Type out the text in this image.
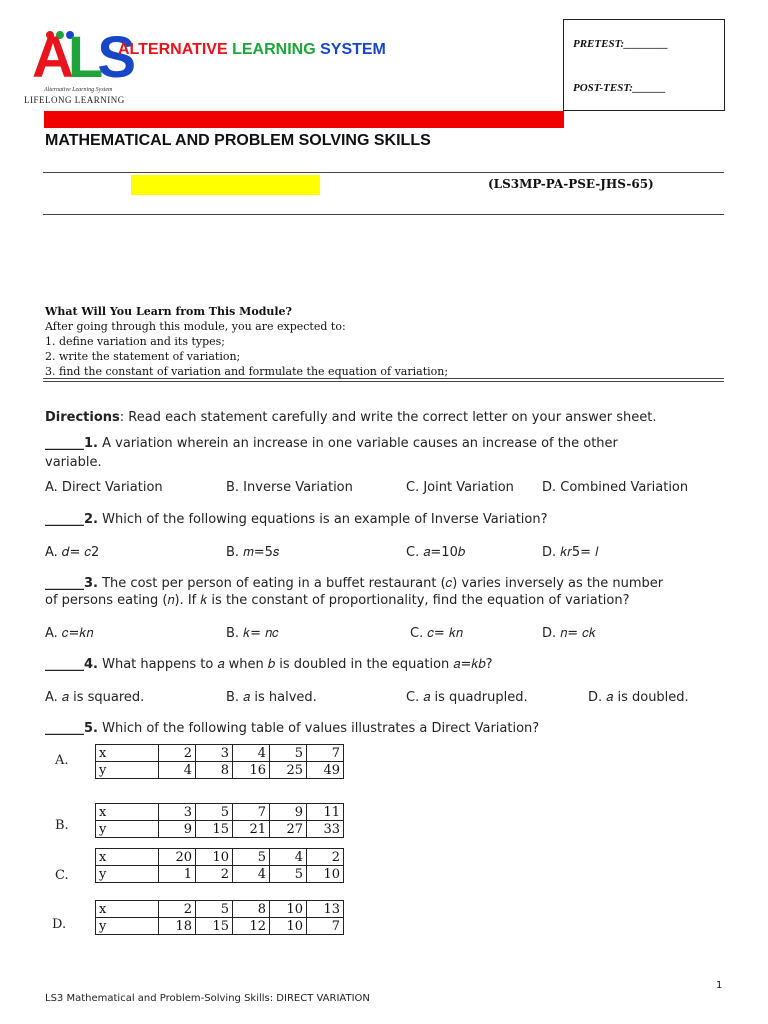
ALS
Alternative Learning System
LIFELONG LEARNING
ALTERNATIVE LEARNING SYSTEM	PRETEST:________
POST-TEST:______
MATHEMATICAL AND PROBLEM SOLVING SKILLS
(LS3MP-PA-PSE-JHS-65)
What Will You Learn from This Module?
After going through this module, you are expected to:
1. define variation and its types;
2. write the statement of variation;
3. find the constant of variation and formulate the equation of variation;
Directions: Read each statement carefully and write the correct letter on your answer sheet.
______1. A variation wherein an increase in one variable causes an increase of the other
variable.
A. Direct Variation	B. Inverse Variation	C. Joint Variation D. Combined Variation
______2. Which of the following equations is an example of Inverse Variation?
A. 𝑑= 𝑐2	B. 𝑚=5𝑠	C. 𝑎=10𝑏	D. 𝑘𝑟5= 𝑙
______3. The cost per person of eating in a buffet restaurant (𝑐) varies inversely as the number
of persons eating (𝑛). If 𝑘 is the constant of proportionality, find the equation of variation?
A. 𝑐=𝑘𝑛	B. 𝑘= 𝑛𝑐	C. 𝑐= 𝑘𝑛	D. 𝑛= 𝑐𝑘
______4. What happens to 𝑎 when 𝑏 is doubled in the equation 𝑎=𝑘𝑏?
A. 𝑎 is squared.	B. 𝑎 is halved.	C. 𝑎 is quadrupled.	D. 𝑎 is doubled.
______5. Which of the following table of values illustrates a Direct Variation?
A. x	2	3	4	5	7
y	4	8	16	25	49
B.
x	3	5	7	9	11
y	9	15	21	27	33
C.
x	20	10	5	4	2
y	1	2	4	5	10
D.
x	2	5	8	10	13
y	18	15	12	10	7
1
LS3 Mathematical and Problem-Solving Skills: DIRECT VARIATION
